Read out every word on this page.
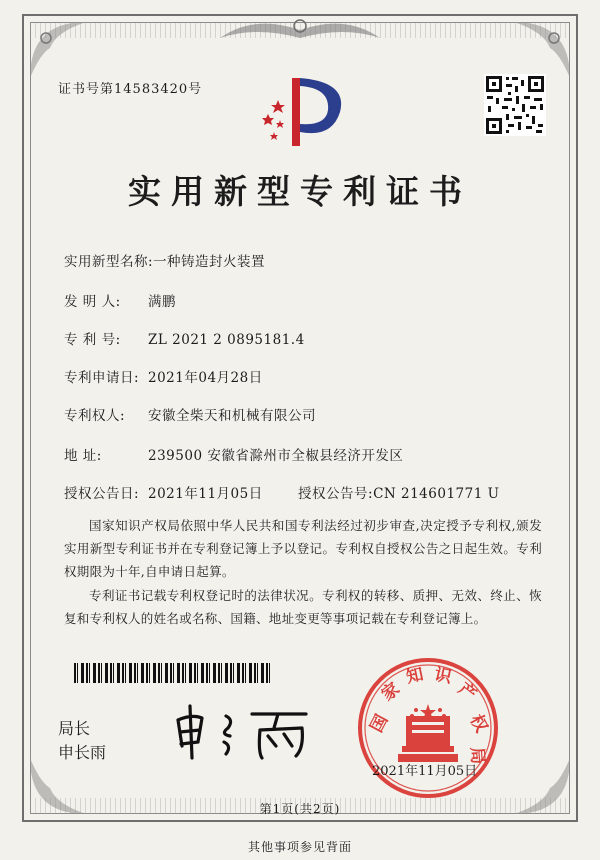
证书号第14583420号
实用新型专利证书
实用新型名称:一种铸造封火装置
发 明 人: 满鹏
专 利 号: ZL 2021 2 0895181.4
专利申请日: 2021年04月28日
专利权人: 安徽全柴天和机械有限公司
地 址:	239500 安徽省滁州市全椒县经济开发区
授权公告日: 2021年11月05日	授权公告号:CN 214601771 U
国家知识产权局依照中华人民共和国专利法经过初步审查,决定授予专利权,颁发实用新型专利证书并在专利登记簿上予以登记。专利权自授权公告之日起生效。专利权期限为十年,自申请日起算。
专利证书记载专利权登记时的法律状况。专利权的转移、质押、无效、终止、恢复和专利权人的姓名或名称、国籍、地址变更等事项记载在专利登记簿上。
局长
申长雨
国
家
知 识
产
权
局
2021年11月05日
第1页(共2页)
其他事项参见背面
